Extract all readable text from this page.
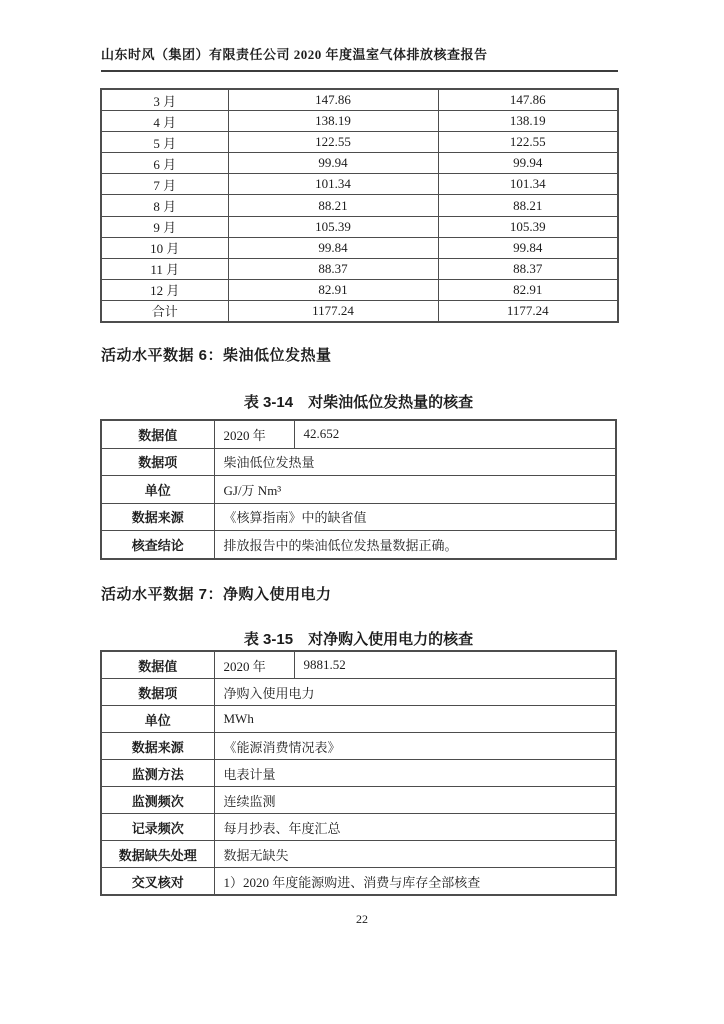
山东时风（集团）有限责任公司 2020 年度温室气体排放核查报告
3 月	147.86	147.86
4 月	138.19	138.19
5 月	122.55	122.55
6 月	99.94	99.94
7 月	101.34	101.34
8 月	88.21	88.21
9 月	105.39	105.39
10 月	99.84	99.84
11 月	88.37	88.37
12 月	82.91	82.91
合计	1177.24	1177.24
活动水平数据 6：柴油低位发热量
表 3-14　对柴油低位发热量的核查
数据值	2020 年	42.652
数据项	柴油低位发热量	
单位	GJ/万 Nm³	
数据来源	《核算指南》中的缺省值	
核查结论	排放报告中的柴油低位发热量数据正确。	
活动水平数据 7：净购入使用电力
表 3-15　对净购入使用电力的核查
数据值	2020 年	9881.52
数据项	净购入使用电力	
单位	MWh	
数据来源	《能源消费情况表》	
监测方法	电表计量	
监测频次	连续监测	
记录频次	每月抄表、年度汇总	
数据缺失处理	数据无缺失	
交叉核对	1）2020 年度能源购进、消费与库存全部核查	
22
